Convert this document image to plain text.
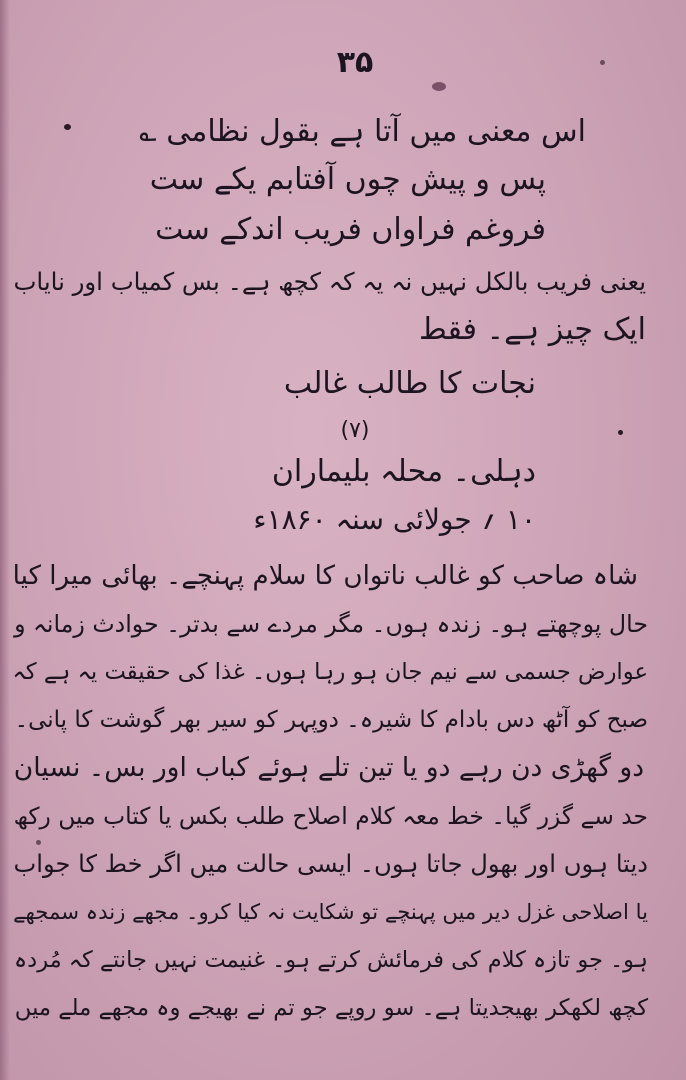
۳۵
اس معنی میں آتا ہے بقول نظامی ؎
پس و پیش چوں آفتابم یکے ست
فروغم فراواں فریب اندکے ست
یعنی فریب بالکل نہیں نہ یہ کہ کچھ ہے۔ بس کمیاب اور نایاب
ایک چیز ہے۔ فقط
نجات کا طالب غالب
(۷)
دہلی۔ محلہ بلیماران
۱۰ ؍ جولائی سنہ ۱۸۶۰ء
شاہ صاحب کو غالب ناتواں کا سلام پہنچے۔ بھائی میرا کیا
حال پوچھتے ہو۔ زندہ ہوں۔ مگر مردے سے بدتر۔ حوادث زمانہ و
عوارض جسمی سے نیم جان ہو رہا ہوں۔ غذا کی حقیقت یہ ہے کہ
صبح کو آٹھ دس بادام کا شیرہ۔ دوپہر کو سیر بھر گوشت کا پانی۔
دو گھڑی دن رہے دو یا تین تلے ہوئے کباب اور بس۔ نسیان
حد سے گزر گیا۔ خط معہ کلام اصلاح طلب بکس یا کتاب میں رکھ
دیتا ہوں اور بھول جاتا ہوں۔ ایسی حالت میں اگر خط کا جواب
یا اصلاحی غزل دیر میں پہنچے تو شکایت نہ کیا کرو۔ مجھے زندہ سمجھے
ہو۔ جو تازہ کلام کی فرمائش کرتے ہو۔ غنیمت نہیں جانتے کہ مُردہ
کچھ لکھکر بھیجدیتا ہے۔ سو روپے جو تم نے بھیجے وہ مجھے ملے میں
